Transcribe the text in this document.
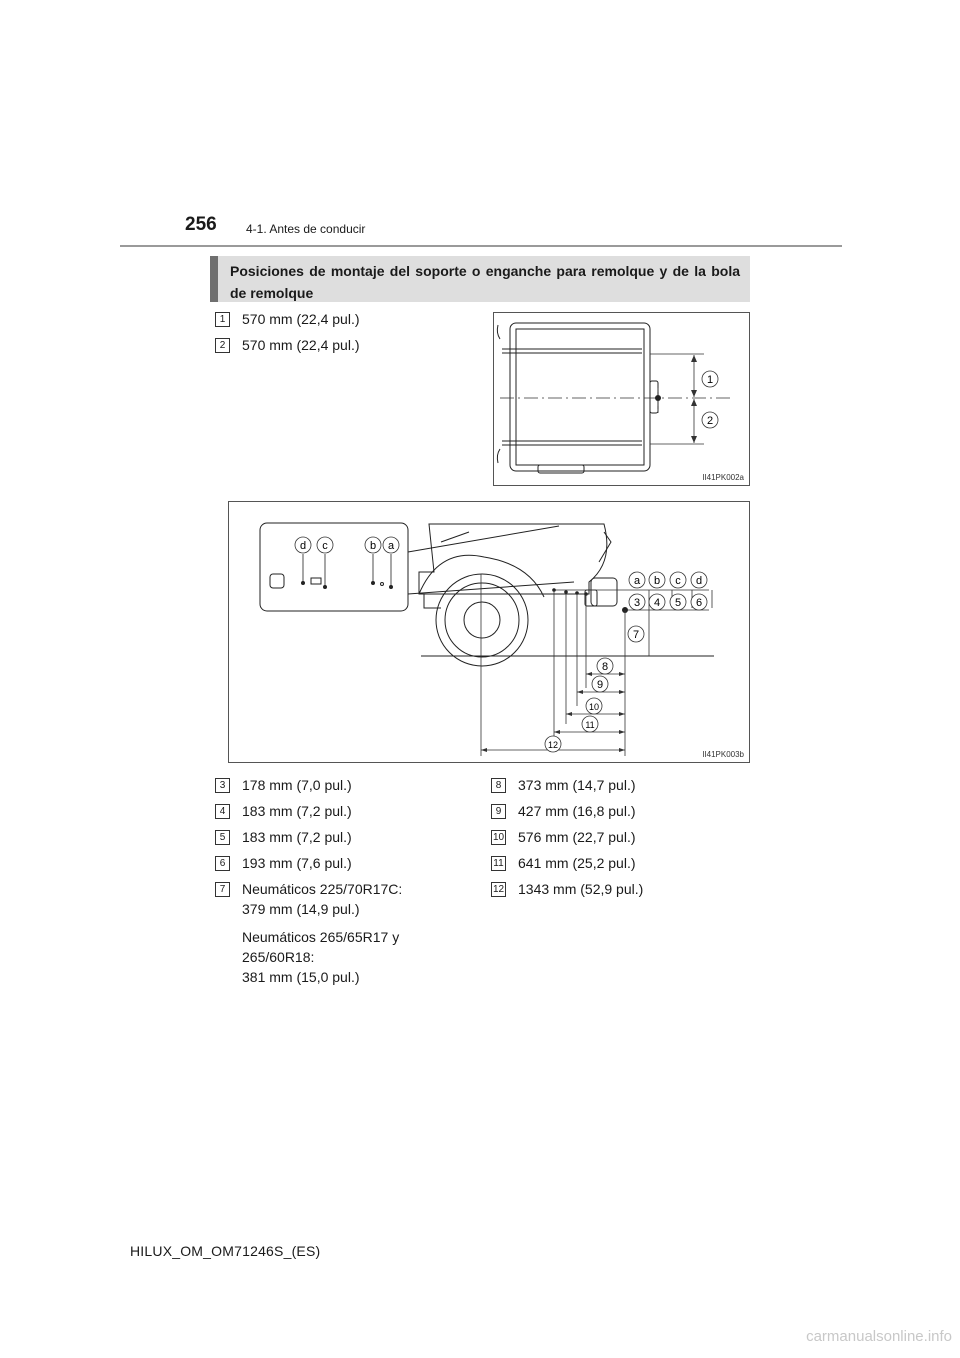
256 4-1. Antes de conducir
Posiciones de montaje del soporte o enganche para remolque y de la bola de remolque
1	570 mm (22,4 pul.)
2	570 mm (22,4 pul.)
1
2
II41PK002a
d c	b a
a b c d
3 4 5 6
7
8
9
10
11
12
II41PK003b
3	178 mm (7,0 pul.)
4	183 mm (7,2 pul.)
5	183 mm (7,2 pul.)
6	193 mm (7,6 pul.)
7	Neumáticos 225/70R17C:
379 mm (14,9 pul.)
Neumáticos 265/65R17 y
265/60R18:
381 mm (15,0 pul.)
8	373 mm (14,7 pul.)
9	427 mm (16,8 pul.)
10 576 mm (22,7 pul.)
11 641 mm (25,2 pul.)
12 1343 mm (52,9 pul.)
HILUX_OM_OM71246S_(ES)
carmanualsonline.info
